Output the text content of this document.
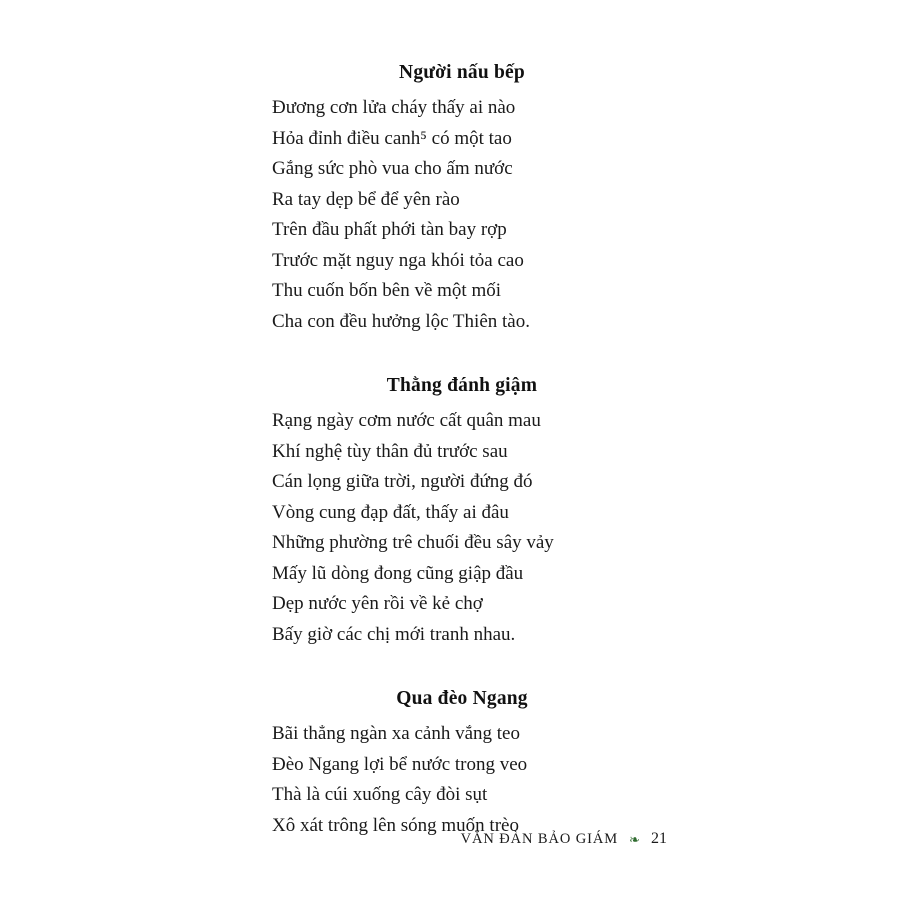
Người nấu bếp

Đương cơn lửa cháy thấy ai nào

Hỏa đỉnh điều canh⁵ có một tao

Gắng sức phò vua cho ấm nước

Ra tay dẹp bể để yên rào

Trên đầu phất phới tàn bay rợp

Trước mặt nguy nga khói tỏa cao

Thu cuốn bốn bên về một mối

Cha con đều hưởng lộc Thiên tào.

Thằng đánh giậm

Rạng ngày cơm nước cất quân mau

Khí nghệ tùy thân đủ trước sau

Cán lọng giữa trời, người đứng đó

Vòng cung đạp đất, thấy ai đâu

Những phường trê chuối đều sây vảy

Mấy lũ dòng đong cũng giập đầu

Dẹp nước yên rồi về kẻ chợ

Bấy giờ các chị mới tranh nhau.

Qua đèo Ngang

Bãi thẳng ngàn xa cảnh vắng teo

Đèo Ngang lợi bể nước trong veo

Thà là cúi xuống cây đòi sụt

Xô xát trông lên sóng muốn trèo

VĂN ĐÀN BẢO GIÁM ❧ 21
